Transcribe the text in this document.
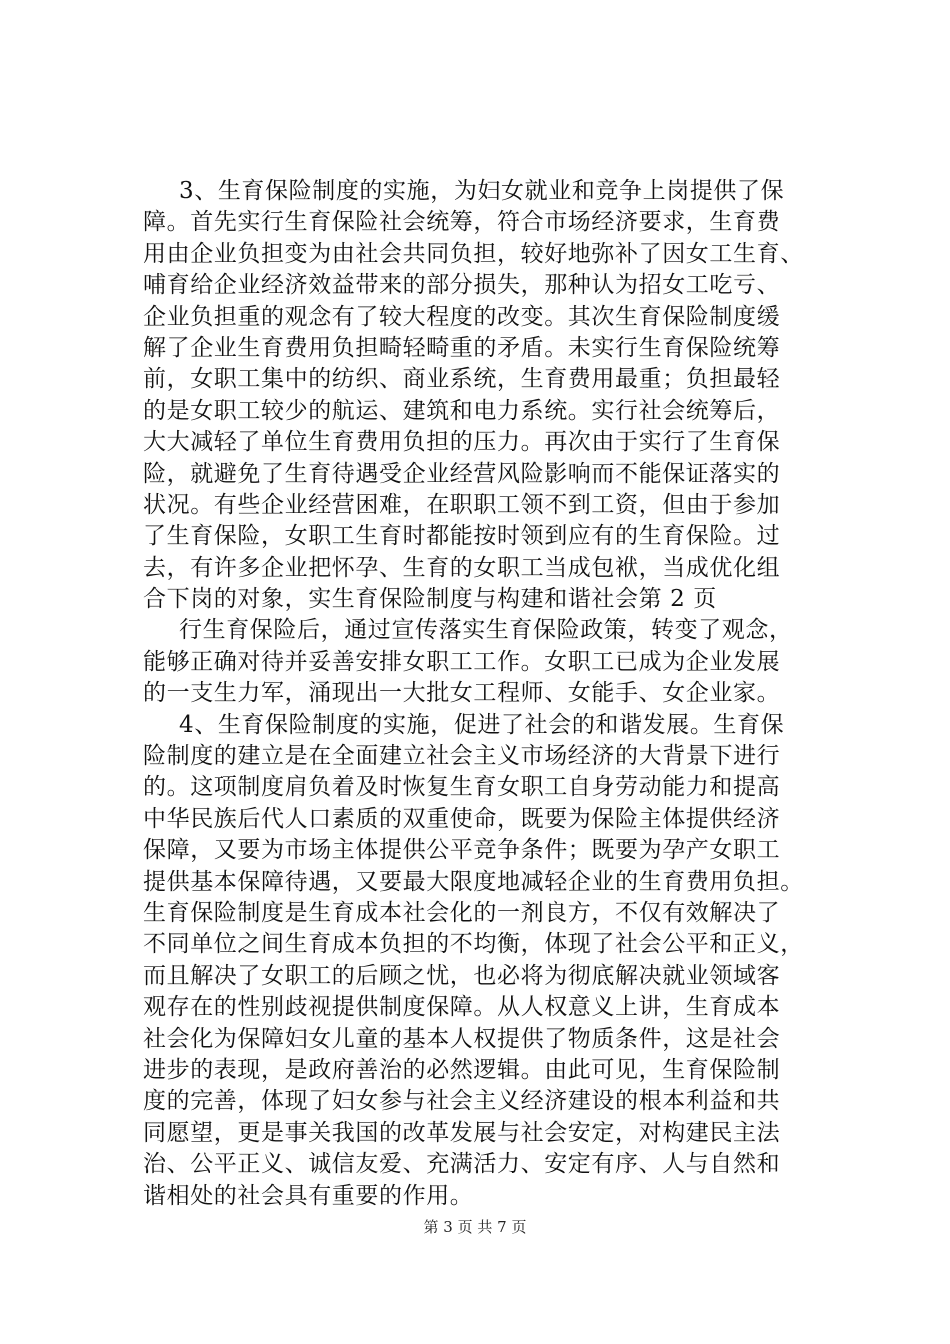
3、生育保险制度的实施，为妇女就业和竞争上岗提供了保
障。首先实行生育保险社会统筹，符合市场经济要求，生育费
用由企业负担变为由社会共同负担，较好地弥补了因女工生育、
哺育给企业经济效益带来的部分损失，那种认为招女工吃亏、
企业负担重的观念有了较大程度的改变。其次生育保险制度缓
解了企业生育费用负担畸轻畸重的矛盾。未实行生育保险统筹
前，女职工集中的纺织、商业系统，生育费用最重；负担最轻
的是女职工较少的航运、建筑和电力系统。实行社会统筹后，
大大减轻了单位生育费用负担的压力。再次由于实行了生育保
险，就避免了生育待遇受企业经营风险影响而不能保证落实的
状况。有些企业经营困难，在职职工领不到工资，但由于参加
了生育保险，女职工生育时都能按时领到应有的生育保险。过
去，有许多企业把怀孕、生育的女职工当成包袱，当成优化组
合下岗的对象，实生育保险制度与构建和谐社会第 2 页
行生育保险后，通过宣传落实生育保险政策，转变了观念，
能够正确对待并妥善安排女职工工作。女职工已成为企业发展
的一支生力军，涌现出一大批女工程师、女能手、女企业家。
4、生育保险制度的实施，促进了社会的和谐发展。生育保
险制度的建立是在全面建立社会主义市场经济的大背景下进行
的。这项制度肩负着及时恢复生育女职工自身劳动能力和提高
中华民族后代人口素质的双重使命，既要为保险主体提供经济
保障，又要为市场主体提供公平竞争条件；既要为孕产女职工
提供基本保障待遇，又要最大限度地减轻企业的生育费用负担。
生育保险制度是生育成本社会化的一剂良方，不仅有效解决了
不同单位之间生育成本负担的不均衡，体现了社会公平和正义，
而且解决了女职工的后顾之忧，也必将为彻底解决就业领域客
观存在的性别歧视提供制度保障。从人权意义上讲，生育成本
社会化为保障妇女儿童的基本人权提供了物质条件，这是社会
进步的表现，是政府善治的必然逻辑。由此可见，生育保险制
度的完善，体现了妇女参与社会主义经济建设的根本利益和共
同愿望，更是事关我国的改革发展与社会安定，对构建民主法
治、公平正义、诚信友爱、充满活力、安定有序、人与自然和
谐相处的社会具有重要的作用。
第 3 页 共 7 页
